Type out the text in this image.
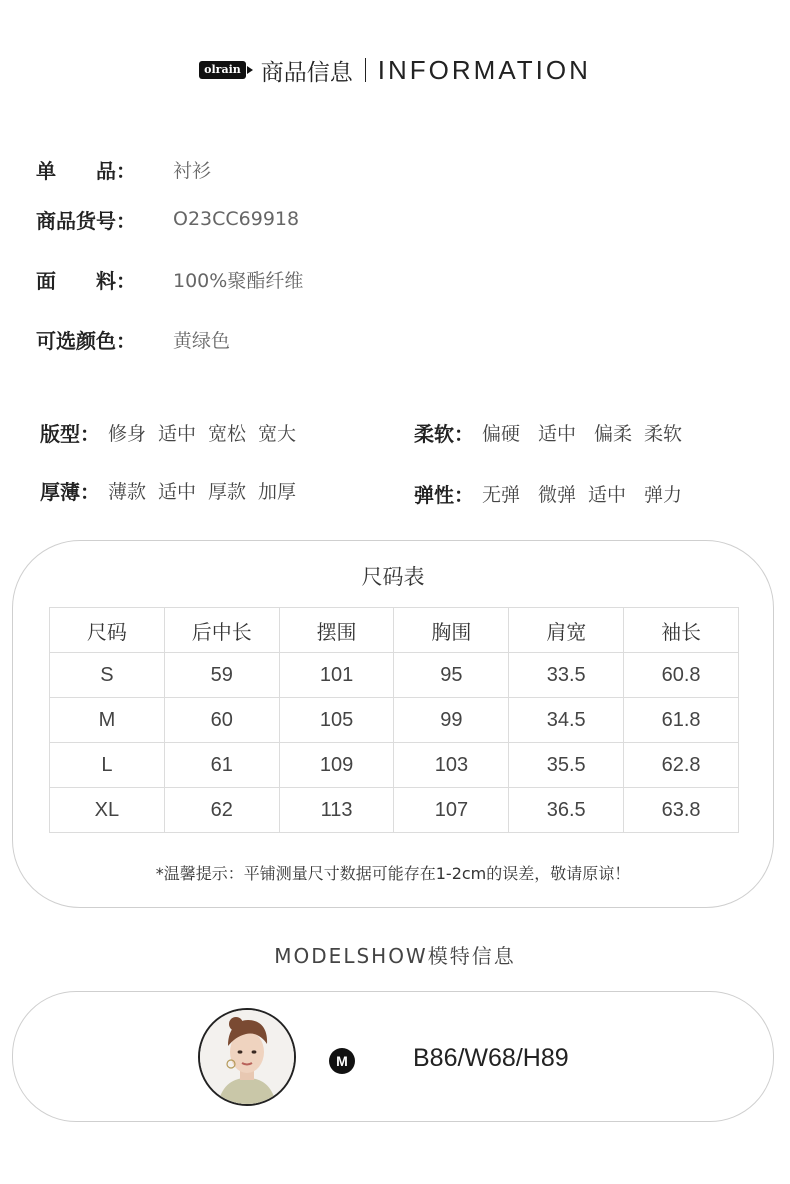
olrain 商品信息 INFORMATION
单　　品：	衬衫
商品货号：	O23CC69918
面　　料：	100%聚酯纤维
可选颜色：	黄绿色
版型： 修身 适中 宽松 宽大	柔软： 偏硬 适中 偏柔 柔软
厚薄： 薄款 适中 厚款 加厚	弹性： 无弹 微弹 适中 弹力
尺码表
尺码	后中长	摆围	胸围	肩宽	袖长
S	59	101	95	33.5	60.8
M	60	105	99	34.5	61.8
L	61	109	103	35.5	62.8
XL	62	113	107	36.5	63.8
*温馨提示：平铺测量尺寸数据可能存在1-2cm的误差，敬请原谅！
MODELSHOW模特信息
M	B86/W68/H89
